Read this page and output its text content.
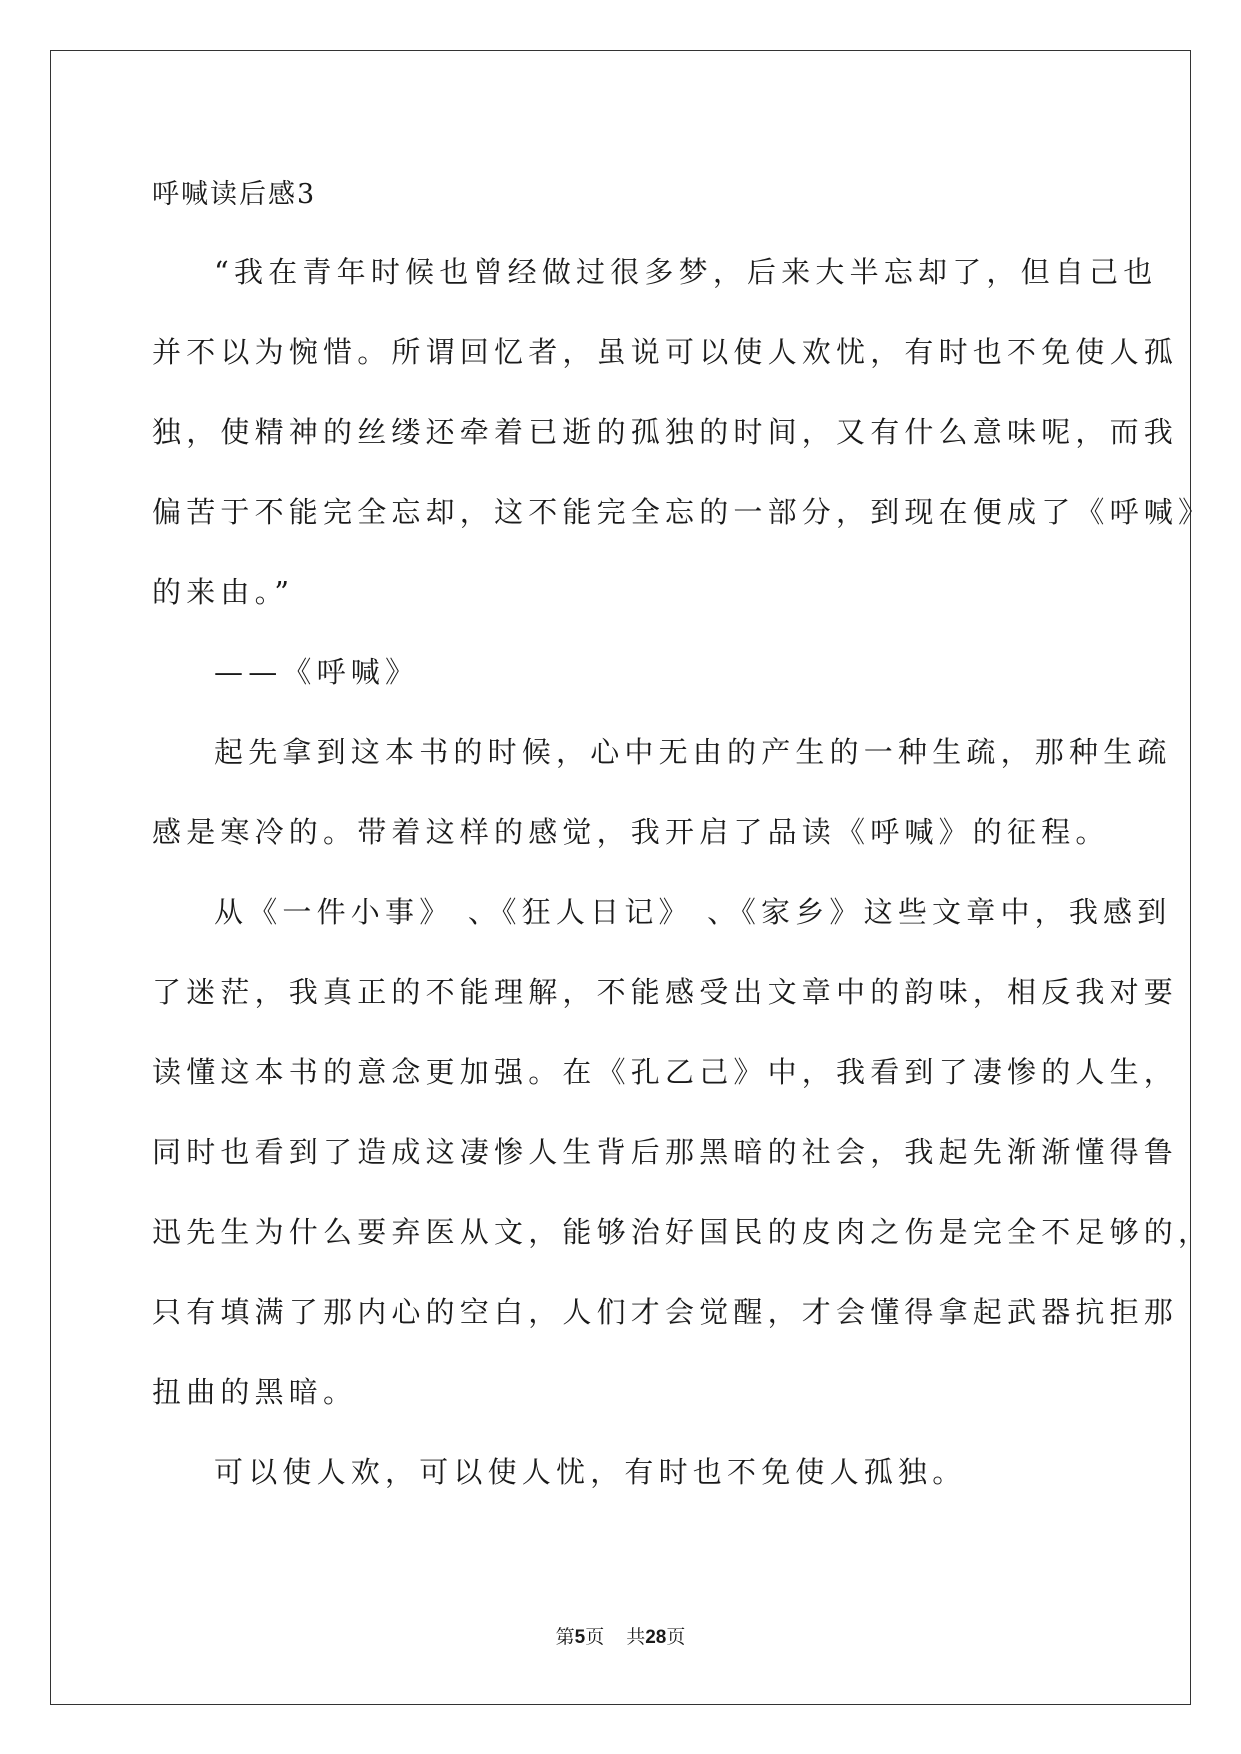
呼喊读后感3
“我在青年时候也曾经做过很多梦，后来大半忘却了，但自己也
并不以为惋惜。所谓回忆者，虽说可以使人欢忧，有时也不免使人孤
独，使精神的丝缕还牵着已逝的孤独的时间，又有什么意味呢，而我
偏苦于不能完全忘却，这不能完全忘的一部分，到现在便成了《呼喊》
的来由。”
——《呼喊》
起先拿到这本书的时候，心中无由的产生的一种生疏，那种生疏
感是寒冷的。带着这样的感觉，我开启了品读《呼喊》的征程。
从《一件小事》 、《狂人日记》 、《家乡》这些文章中，我感到
了迷茫，我真正的不能理解，不能感受出文章中的韵味，相反我对要
读懂这本书的意念更加强。在《孔乙己》中，我看到了凄惨的人生，
同时也看到了造成这凄惨人生背后那黑暗的社会，我起先渐渐懂得鲁
迅先生为什么要弃医从文，能够治好国民的皮肉之伤是完全不足够的，
只有填满了那内心的空白，人们才会觉醒，才会懂得拿起武器抗拒那
扭曲的黑暗。
可以使人欢，可以使人忧，有时也不免使人孤独。
第5页 共28页
